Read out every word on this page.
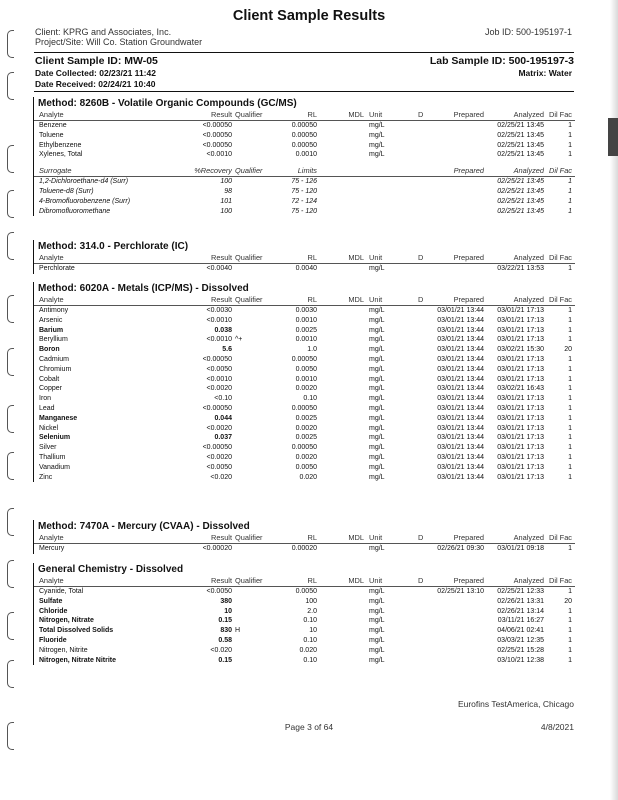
Client Sample Results
Client: KPRG and Associates, Inc.
Project/Site: Will Co. Station Groundwater
Job ID: 500-195197-1
Client Sample ID: MW-05	Lab Sample ID: 500-195197-3
Date Collected: 02/23/21 11:42	Matrix: Water
Date Received: 02/24/21 10:40
Method: 8260B - Volatile Organic Compounds (GC/MS)
Analyte	Result Qualifier	RL	MDL Unit	D	Prepared	Analyzed Dil Fac
Benzene	<0.00050	0.00050	mg/L	02/25/21 13:45	1
Toluene	<0.00050	0.00050	mg/L	02/25/21 13:45	1
Ethylbenzene	<0.00050	0.00050	mg/L	02/25/21 13:45	1
Xylenes, Total	<0.0010	0.0010	mg/L	02/25/21 13:45	1
Surrogate	%Recovery Qualifier	Limits	Prepared	Analyzed Dil Fac
1,2-Dichloroethane-d4 (Surr)	100	75 - 126	02/25/21 13:45	1
Toluene-d8 (Surr)	98	75 - 120	02/25/21 13:45	1
4-Bromofluorobenzene (Surr)	101	72 - 124	02/25/21 13:45	1
Dibromofluoromethane	100	75 - 120	02/25/21 13:45	1
Method: 314.0 - Perchlorate (IC)
Analyte	Result Qualifier	RL	MDL Unit	D	Prepared	Analyzed Dil Fac
Perchlorate	<0.0040	0.0040	mg/L	03/22/21 13:53	1
Method: 6020A - Metals (ICP/MS) - Dissolved
Analyte	Result Qualifier	RL	MDL Unit	D	Prepared	Analyzed Dil Fac
Antimony	<0.0030	0.0030	mg/L	03/01/21 13:44	03/01/21 17:13	1
Arsenic	<0.0010	0.0010	mg/L	03/01/21 13:44	03/01/21 17:13	1
Barium	0.038	0.0025	mg/L	03/01/21 13:44	03/01/21 17:13	1
Beryllium	<0.0010 ^+	0.0010	mg/L	03/01/21 13:44	03/01/21 17:13	1
Boron	5.6	1.0	mg/L	03/01/21 13:44	03/02/21 15:30	20
Cadmium	<0.00050	0.00050	mg/L	03/01/21 13:44	03/01/21 17:13	1
Chromium	<0.0050	0.0050	mg/L	03/01/21 13:44	03/01/21 17:13	1
Cobalt	<0.0010	0.0010	mg/L	03/01/21 13:44	03/01/21 17:13	1
Copper	<0.0020	0.0020	mg/L	03/01/21 13:44	03/02/21 16:43	1
Iron	<0.10	0.10	mg/L	03/01/21 13:44	03/01/21 17:13	1
Lead	<0.00050	0.00050	mg/L	03/01/21 13:44	03/01/21 17:13	1
Manganese	0.044	0.0025	mg/L	03/01/21 13:44	03/01/21 17:13	1
Nickel	<0.0020	0.0020	mg/L	03/01/21 13:44	03/01/21 17:13	1
Selenium	0.037	0.0025	mg/L	03/01/21 13:44	03/01/21 17:13	1
Silver	<0.00050	0.00050	mg/L	03/01/21 13:44	03/01/21 17:13	1
Thallium	<0.0020	0.0020	mg/L	03/01/21 13:44	03/01/21 17:13	1
Vanadium	<0.0050	0.0050	mg/L	03/01/21 13:44	03/01/21 17:13	1
Zinc	<0.020	0.020	mg/L	03/01/21 13:44	03/01/21 17:13	1
Method: 7470A - Mercury (CVAA) - Dissolved
Analyte	Result Qualifier	RL	MDL Unit	D	Prepared	Analyzed Dil Fac
Mercury	<0.00020	0.00020	mg/L	02/26/21 09:30	03/01/21 09:18	1
General Chemistry - Dissolved
Analyte	Result Qualifier	RL	MDL Unit	D	Prepared	Analyzed Dil Fac
Cyanide, Total	<0.0050	0.0050	mg/L	02/25/21 13:10	02/25/21 12:33	1
Sulfate	380	100	mg/L	02/26/21 13:31	20
Chloride	10	2.0	mg/L	02/26/21 13:14	1
Nitrogen, Nitrate	0.15	0.10	mg/L	03/11/21 16:27	1
Total Dissolved Solids	830 H	10	mg/L	04/06/21 02:41	1
Fluoride	0.58	0.10	mg/L	03/03/21 12:35	1
Nitrogen, Nitrite	<0.020	0.020	mg/L	02/25/21 15:28	1
Nitrogen, Nitrate Nitrite	0.15	0.10	mg/L	03/10/21 12:38	1
Eurofins TestAmerica, Chicago
Page 3 of 64	4/8/2021
